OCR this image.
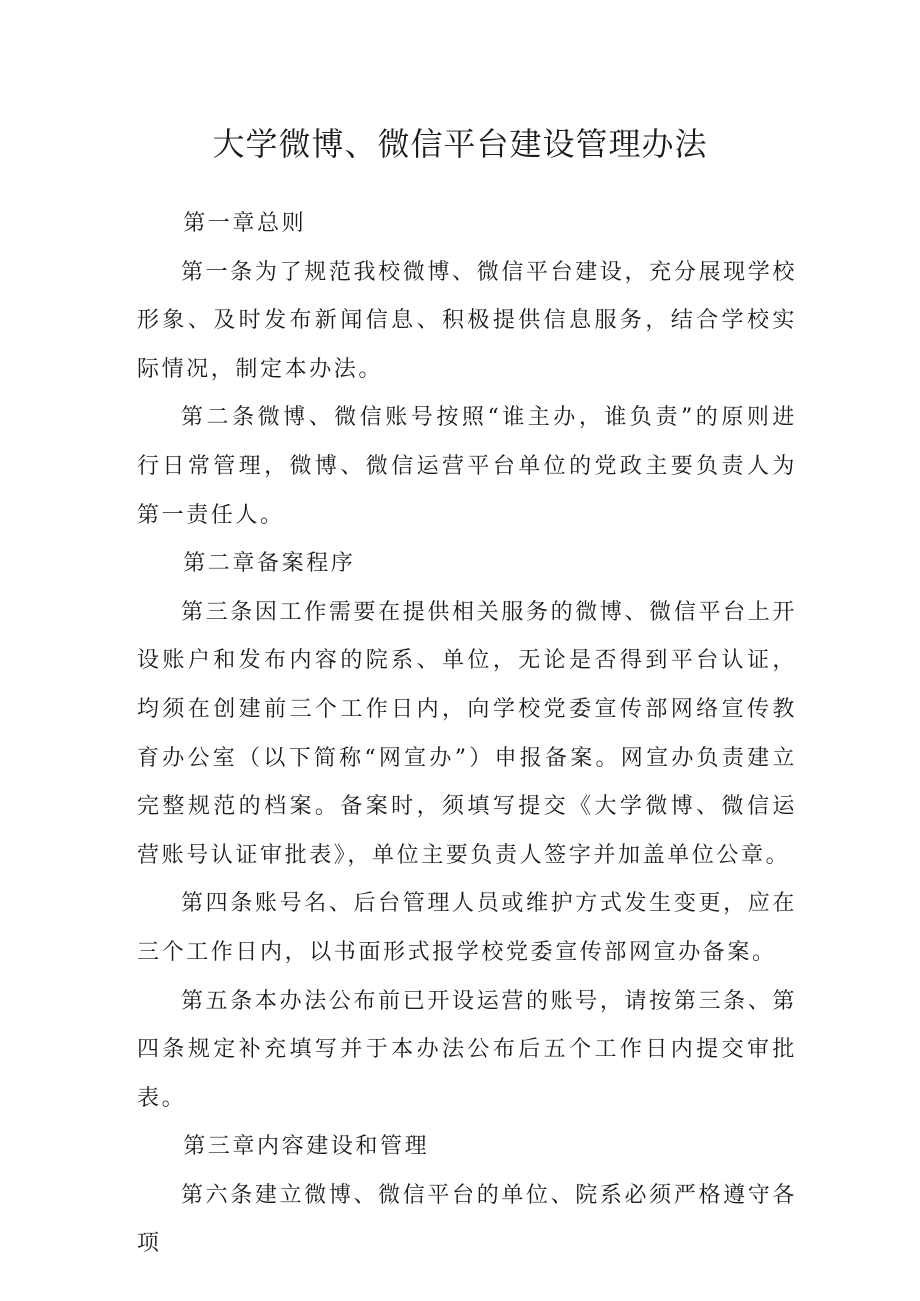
大学微博、微信平台建设管理办法

第一章总则

第一条为了规范我校微博、微信平台建设，充分展现学校形象、及时发布新闻信息、积极提供信息服务，结合学校实际情况，制定本办法。

第二条微博、微信账号按照“谁主办，谁负责”的原则进行日常管理，微博、微信运营平台单位的党政主要负责人为第一责任人。

第二章备案程序

第三条因工作需要在提供相关服务的微博、微信平台上开设账户和发布内容的院系、单位，无论是否得到平台认证，均须在创建前三个工作日内，向学校党委宣传部网络宣传教育办公室（以下简称“网宣办”）申报备案。网宣办负责建立完整规范的档案。备案时，须填写提交《大学微博、微信运营账号认证审批表》，单位主要负责人签字并加盖单位公章。

第四条账号名、后台管理人员或维护方式发生变更，应在三个工作日内，以书面形式报学校党委宣传部网宣办备案。

第五条本办法公布前已开设运营的账号，请按第三条、第四条规定补充填写并于本办法公布后五个工作日内提交审批表。

第三章内容建设和管理

第六条建立微博、微信平台的单位、院系必须严格遵守各项
